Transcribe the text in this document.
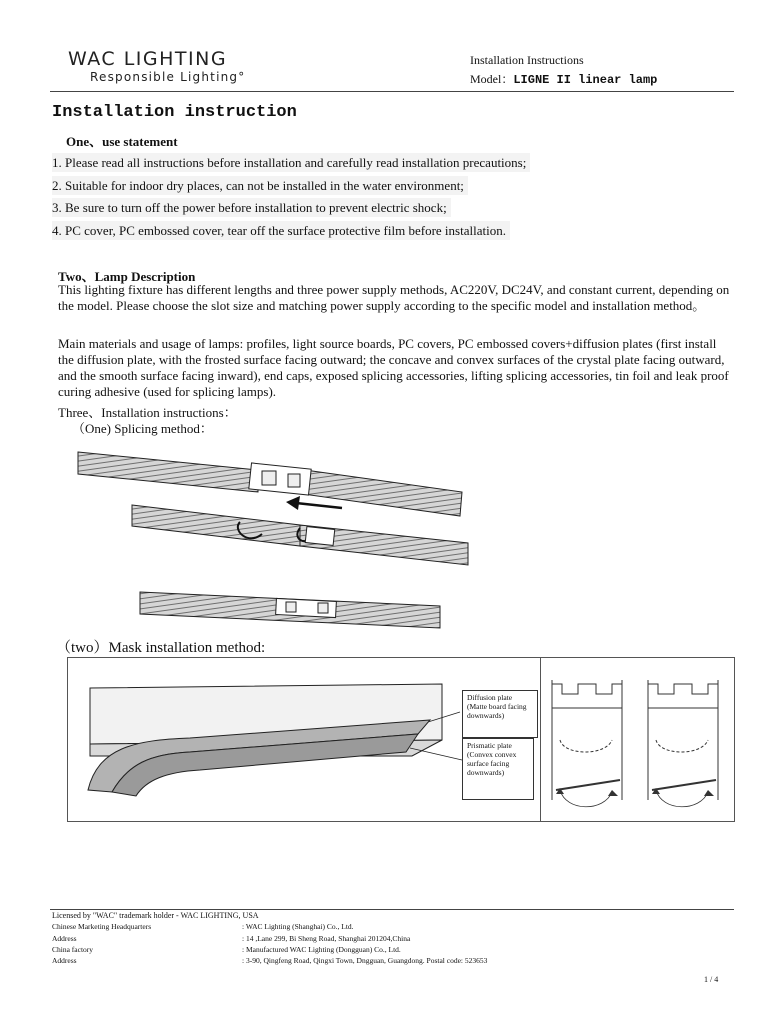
WAC LIGHTING
Responsible Lighting°
Installation Instructions
Model：LIGNE II linear lamp
Installation instruction
One、use statement
1. Please read all instructions before installation and carefully read installation precautions;
2. Suitable for indoor dry places, can not be installed in the water environment;
3. Be sure to turn off the power before installation to prevent electric shock;
4. PC cover, PC embossed cover, tear off the surface protective film before installation.
Two、Lamp Description
This lighting fixture has different lengths and three power supply methods, AC220V, DC24V, and constant current, depending on the model. Please choose the slot size and matching power supply according to the specific model and installation method。
Main materials and usage of lamps: profiles, light source boards, PC covers, PC embossed covers+diffusion plates (first install the diffusion plate, with the frosted surface facing outward; the concave and convex surfaces of the crystal plate facing outward, and the smooth surface facing inward), end caps, exposed splicing accessories, lifting splicing accessories, tin foil and leak proof curing adhesive (used for splicing lamps).
Three、Installation instructions：
（One) Splicing method：
（two）Mask installation method:
Diffusion plate (Matte board facing downwards)
Prismatic plate (Convex convex surface facing downwards)
Licensed by "WAC" trademark holder - WAC LIGHTING, USA
Chinese Marketing Headquarters	: WAC Lighting (Shanghai) Co., Ltd.
Address	: 14 ,Lane 299, Bi Sheng Road, Shanghai 201204,China
China factory	: Manufactured WAC Lighting (Dongguan) Co., Ltd.
Address	: 3-90, Qingfeng Road, Qingxi Town, Dngguan, Guangdong. Postal code: 523653
1 / 4
